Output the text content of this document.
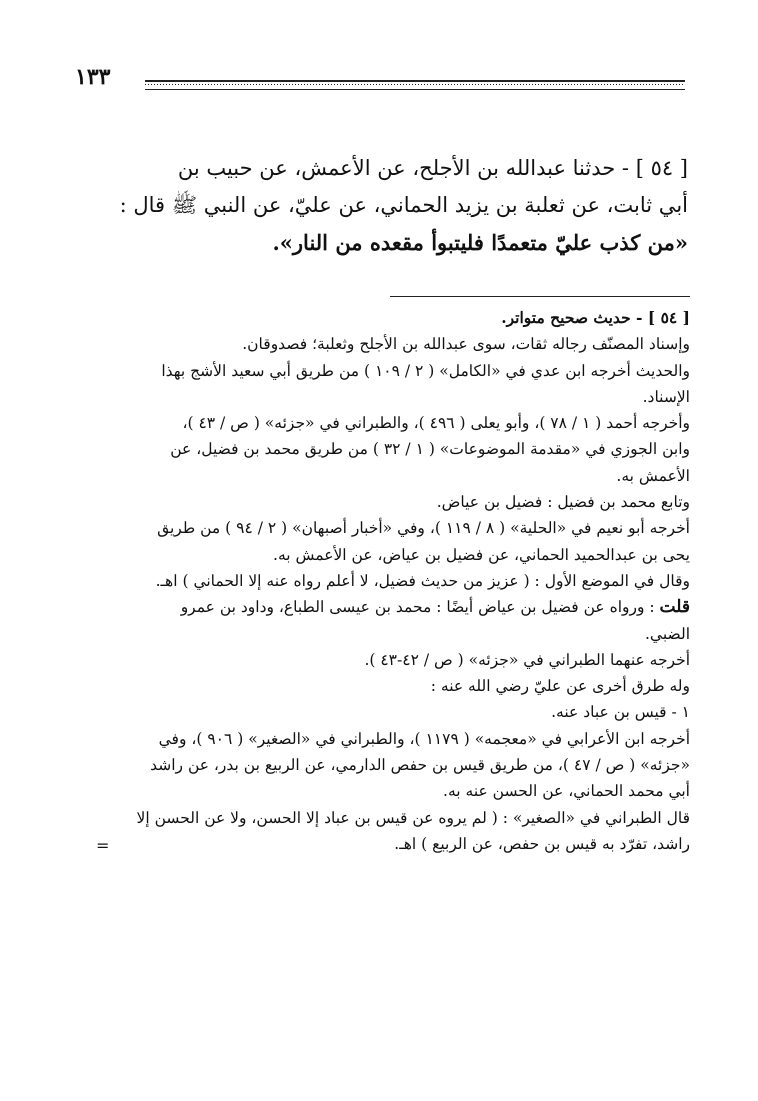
١٣٣

[ ٥٤ ] - حدثنا عبدالله بن الأجلح، عن الأعمش، عن حبيب بن

أبي ثابت، عن ثعلبة بن يزيد الحماني، عن عليّ، عن النبي ﷺ قال :

«من كذب عليّ متعمدًا فليتبوأ مقعده من النار».

[ ٥٤ ] - حديث صحيح متواتر.

وإسناد المصنّف رجاله ثقات، سوى عبدالله بن الأجلح وثعلبة؛ فصدوقان.

والحديث أخرجه ابن عدي في «الكامل» ( ٢ / ١٠٩ ) من طريق أبي سعيد الأشج بهذا

الإسناد.

وأخرجه أحمد ( ١ / ٧٨ )، وأبو يعلى ( ٤٩٦ )، والطبراني في «جزئه» ( ص / ٤٣ )،

وابن الجوزي في «مقدمة الموضوعات» ( ١ / ٣٢ ) من طريق محمد بن فضيل، عن

الأعمش به.

وتابع محمد بن فضيل : فضيل بن عياض.

أخرجه أبو نعيم في «الحلية» ( ٨ / ١١٩ )، وفي «أخبار أصبهان» ( ٢ / ٩٤ ) من طريق

يحى بن عبدالحميد الحماني، عن فضيل بن عياض، عن الأعمش به.

وقال في الموضع الأول : ( عزيز من حديث فضيل، لا أعلم رواه عنه إلا الحماني ) اهـ.

قلت : ورواه عن فضيل بن عياض أيضًا : محمد بن عيسى الطباع، وداود بن عمرو

الضبي.

أخرجه عنهما الطبراني في «جزئه» ( ص / ٤٢-٤٣ ).

وله طرق أخرى عن عليّ رضي الله عنه :

١ - قيس بن عباد عنه.

أخرجه ابن الأعرابي في «معجمه» ( ١١٧٩ )، والطبراني في «الصغير» ( ٩٠٦ )، وفي

«جزئه» ( ص / ٤٧ )، من طريق قيس بن حفص الدارمي، عن الربيع بن بدر، عن راشد

أبي محمد الحماني، عن الحسن عنه به.

قال الطبراني في «الصغير» : ( لم يروه عن قيس بن عباد إلا الحسن، ولا عن الحسن إلا

راشد، تفرّد به قيس بن حفص، عن الربيع ) اهـ.

=
